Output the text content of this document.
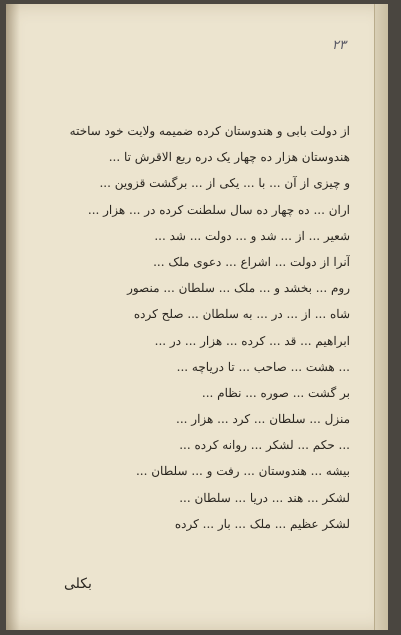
٢٣
از دولت بابی و هندوستان کرده ضمیمه ولایت خود ساخته
هندوستان هزار ده چهار یک دره ربع الاقرش تا ...
و چیزی از آن ... با ... یکی از ... برگشت قزوین ...
اران ... ده چهار ده سال سلطنت کرده در ... هزار ...
شعیر ... از ... شد و ... دولت ... شد ...
آنرا از دولت ... اشراع ... دعوی ملک ...
روم ... بخشد و ... ملک ... سلطان ... منصور
شاه ... از ... در ... به سلطان ... صلح کرده
ابراهیم ... قد ... کرده ... هزار ... در ...
... هشت ... صاحب ... تا دریاچه ...
بر گشت ... صوره ... نظام ...
منزل ... سلطان ... کرد ... هزار ...
... حکم ... لشکر ... روانه کرده ...
بیشه ... هندوستان ... رفت و ... سلطان ...
لشکر ... هند ... دریا ... سلطان ...
لشکر عظیم ... ملک ... بار ... کرده
بکلی
